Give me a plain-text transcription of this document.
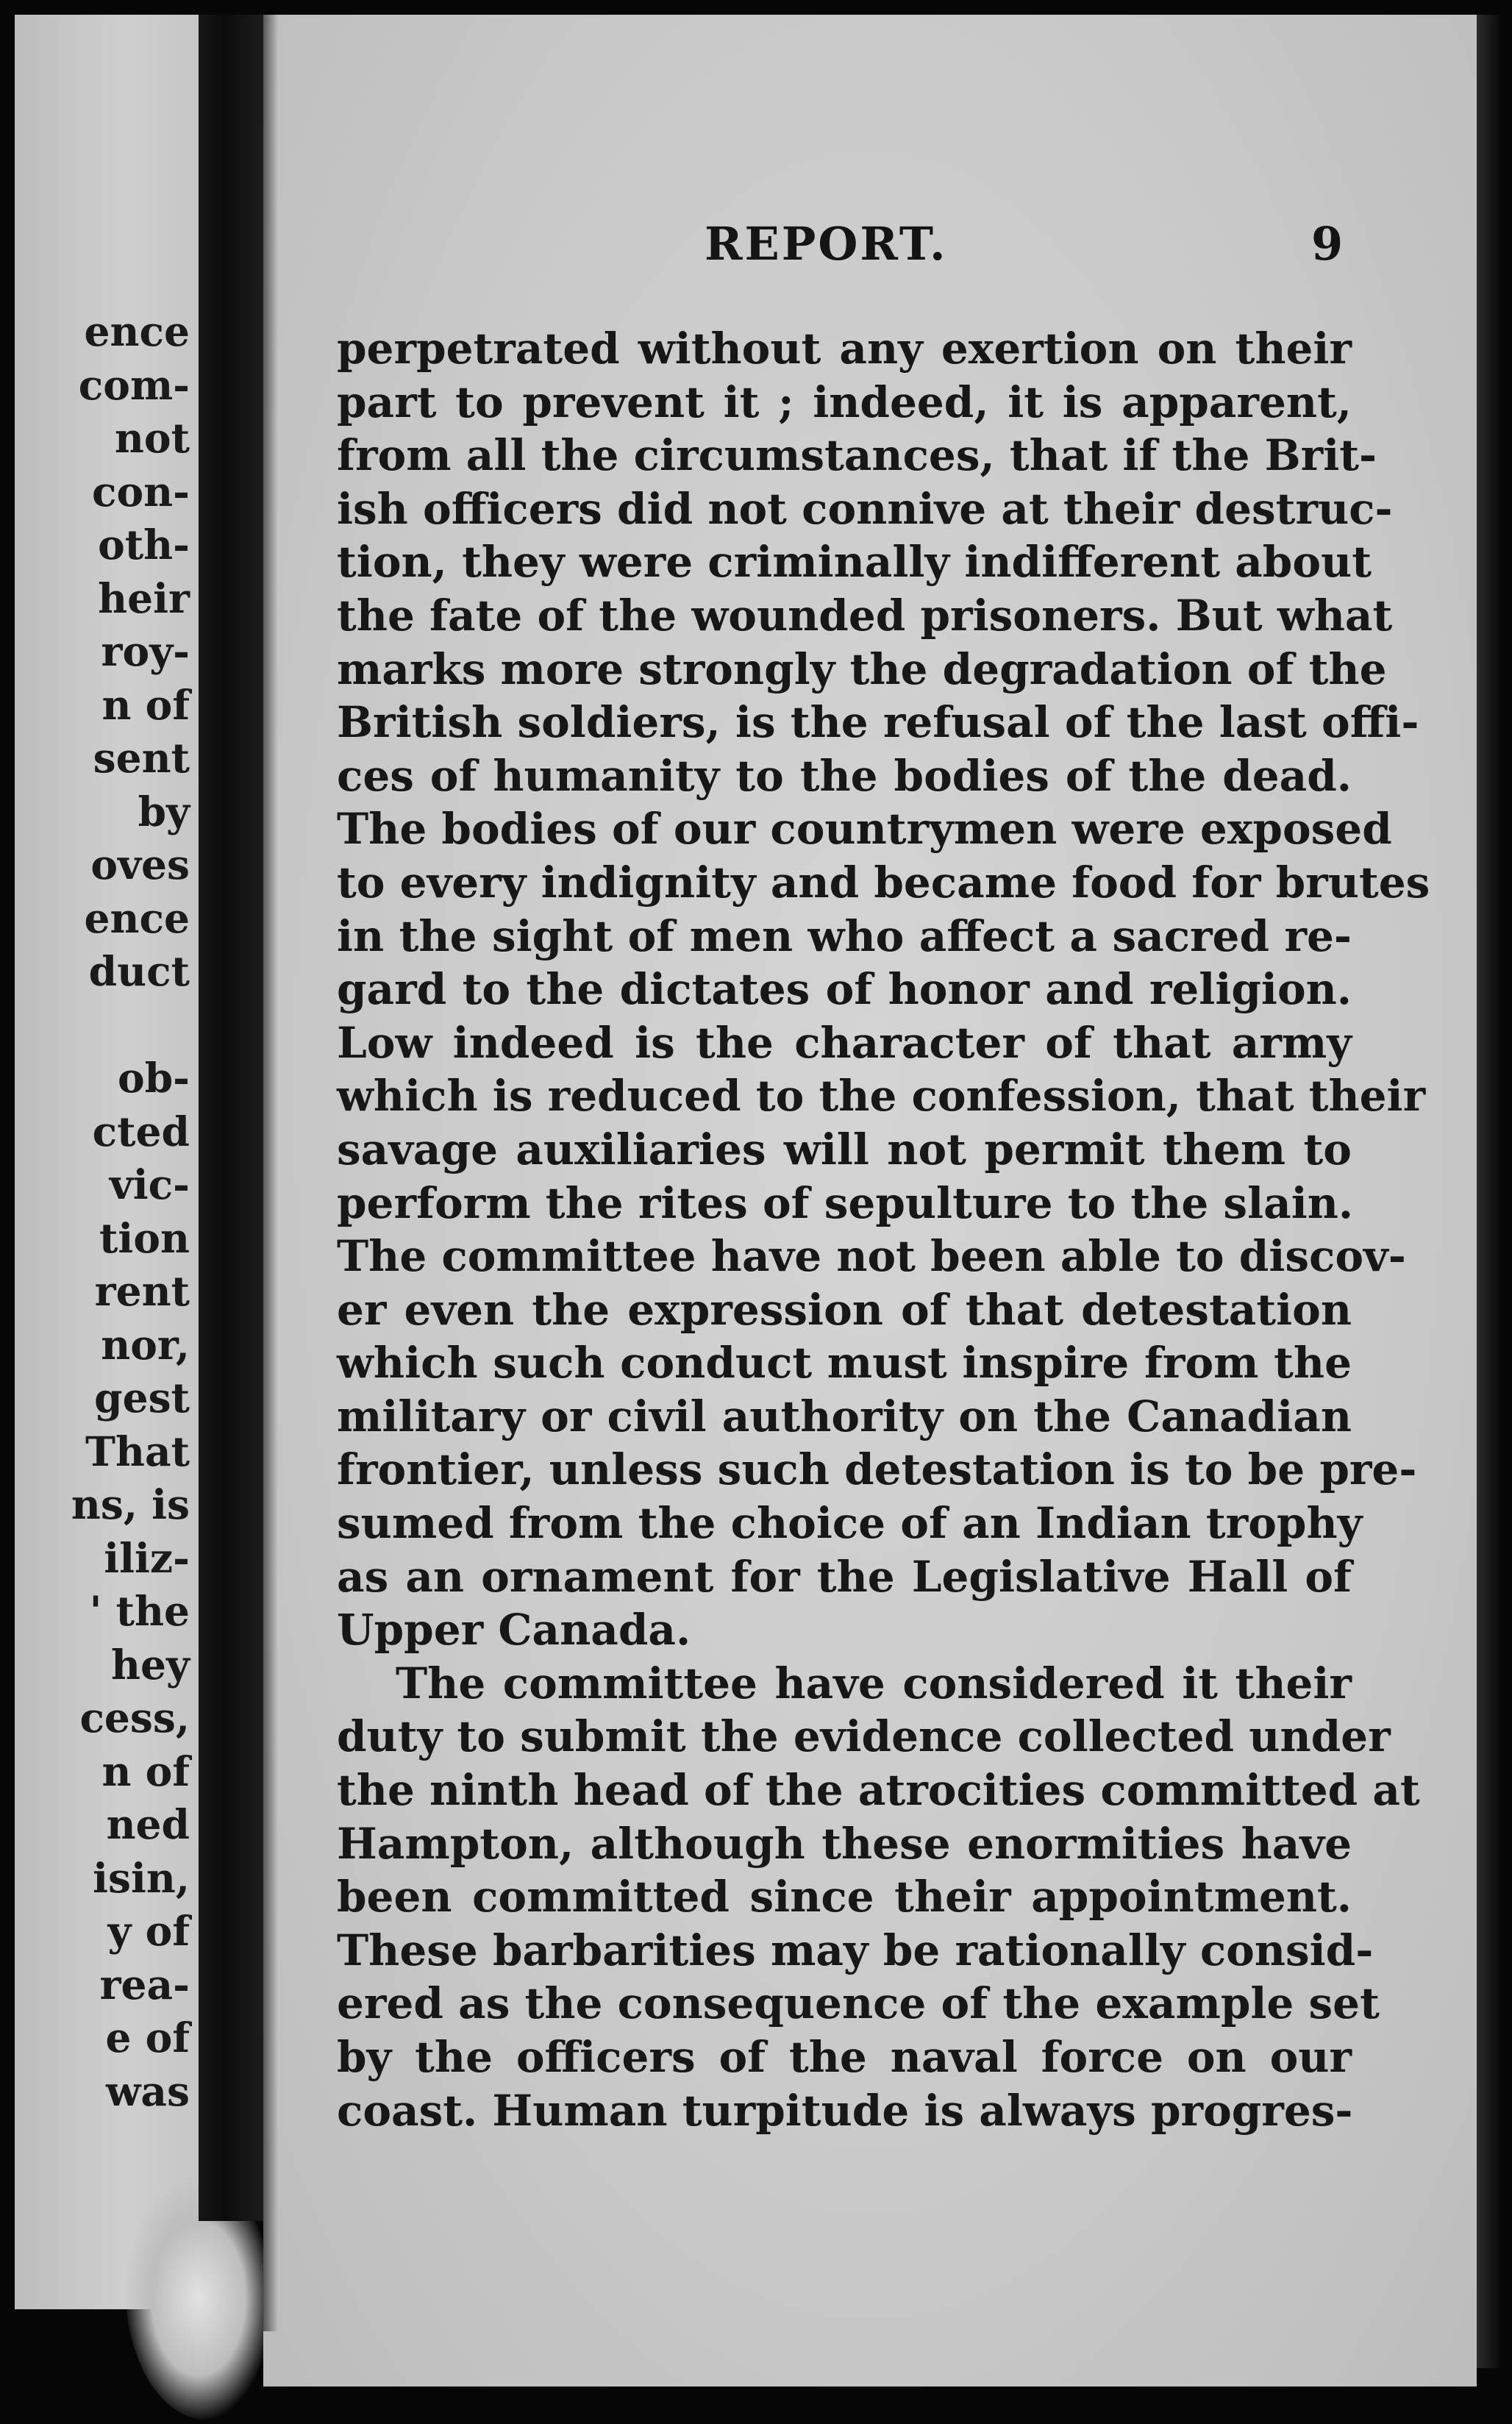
ence
com-
not
con-
oth-
heir
roy-
n of
sent
by
oves
ence
duct
ob-
cted
vic-
tion
rent
nor,
gest
That
ns, is
iliz-
' the
hey
cess,
n of
ned
isin,
y of
rea-
e of
was
REPORT.	9
perpetrated without any exertion on their
part to prevent it ; indeed, it is apparent,
from all the circumstances, that if the Brit-
ish officers did not connive at their destruc-
tion, they were criminally indifferent about
the fate of the wounded prisoners. But what
marks more strongly the degradation of the
British soldiers, is the refusal of the last offi-
ces of humanity to the bodies of the dead.
The bodies of our countrymen were exposed
to every indignity and became food for brutes
in the sight of men who affect a sacred re-
gard to the dictates of honor and religion.
Low indeed is the character of that army
which is reduced to the confession, that their
savage auxiliaries will not permit them to
perform the rites of sepulture to the slain.
The committee have not been able to discov-
er even the expression of that detestation
which such conduct must inspire from the
military or civil authority on the Canadian
frontier, unless such detestation is to be pre-
sumed from the choice of an Indian trophy
as an ornament for the Legislative Hall of
Upper Canada.
The committee have considered it their
duty to submit the evidence collected under
the ninth head of the atrocities committed at
Hampton, although these enormities have
been committed since their appointment.
These barbarities may be rationally consid-
ered as the consequence of the example set
by the officers of the naval force on our
coast. Human turpitude is always progres-
